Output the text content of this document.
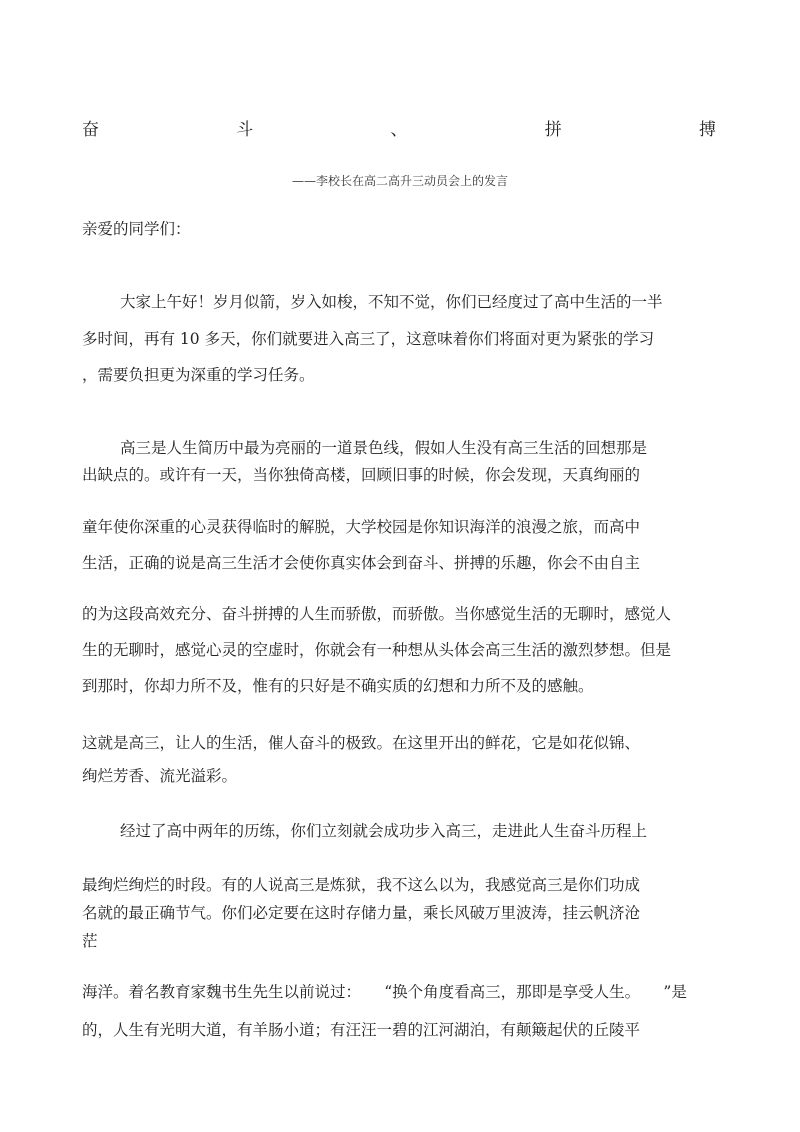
奋	斗	、	拼	搏
——李校长在高二高升三动员会上的发言
亲爱的同学们：
大家上午好！岁月似箭，岁入如梭，不知不觉，你们已经度过了高中生活的一半
多时间，再有 10 多天，你们就要进入高三了，这意味着你们将面对更为紧张的学习
，需要负担更为深重的学习任务。
高三是人生简历中最为亮丽的一道景色线，假如人生没有高三生活的回想那是
出缺点的。或许有一天，当你独倚高楼，回顾旧事的时候，你会发现，天真绚丽的
童年使你深重的心灵获得临时的解脱，大学校园是你知识海洋的浪漫之旅，而高中
生活，正确的说是高三生活才会使你真实体会到奋斗、拼搏的乐趣，你会不由自主
的为这段高效充分、奋斗拼搏的人生而骄傲，而骄傲。当你感觉生活的无聊时，感觉人
生的无聊时，感觉心灵的空虚时，你就会有一种想从头体会高三生活的激烈梦想。但是
到那时，你却力所不及，惟有的只好是不确实质的幻想和力所不及的感触。
这就是高三，让人的生活，催人奋斗的极致。在这里开出的鲜花，它是如花似锦、
绚烂芳香、流光溢彩。
经过了高中两年的历练，你们立刻就会成功步入高三，走进此人生奋斗历程上
最绚烂绚烂的时段。有的人说高三是炼狱，我不这么以为，我感觉高三是你们功成
名就的最正确节气。你们必定要在这时存储力量，乘长风破万里波涛，挂云帆济沧
茫
海洋。着名教育家魏书生先生以前说过：　　“换个角度看高三，那即是享受人生。　　”是
的，人生有光明大道，有羊肠小道；有汪汪一碧的江河湖泊，有颠簸起伏的丘陵平
